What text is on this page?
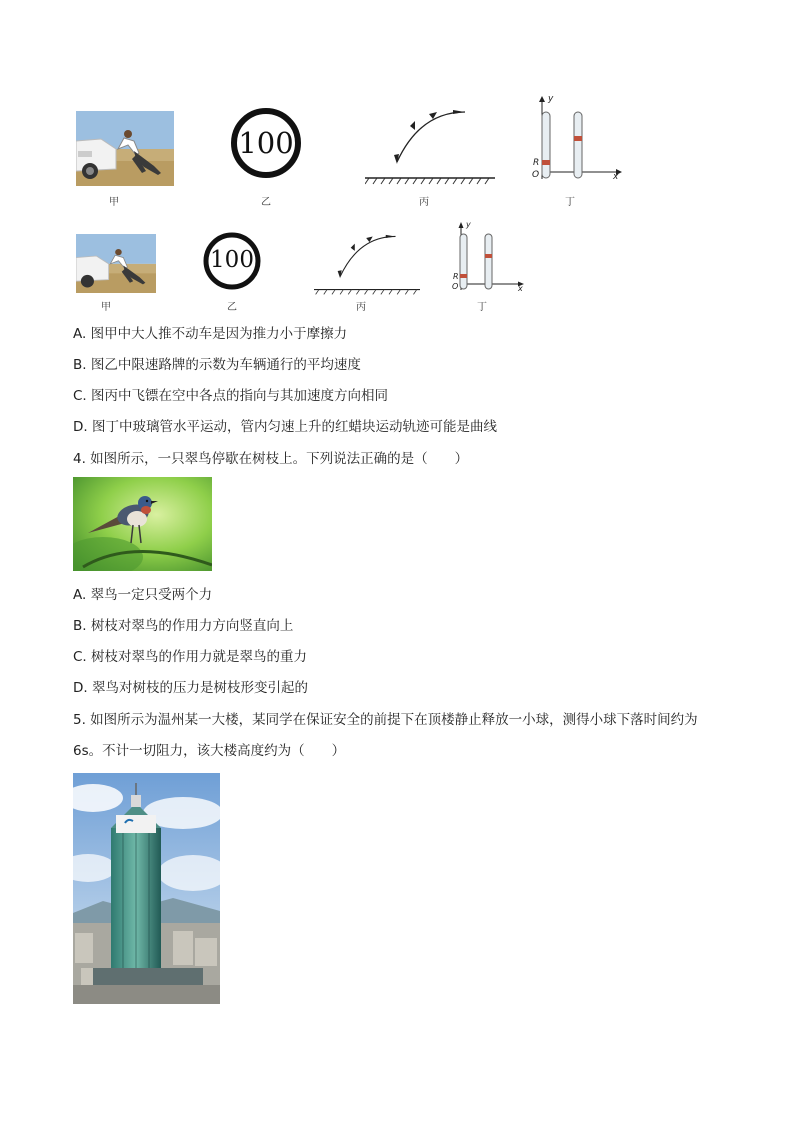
100
y
x
R
O
甲	乙	丙	丁
100
y
x
R
O
甲	乙	丙	丁
A. 图甲中大人推不动车是因为推力小于摩擦力
B. 图乙中限速路牌的示数为车辆通行的平均速度
C. 图丙中飞镖在空中各点的指向与其加速度方向相同
D. 图丁中玻璃管水平运动，管内匀速上升的红蜡块运动轨迹可能是曲线
4. 如图所示，一只翠鸟停歇在树枝上。下列说法正确的是（　　）
A. 翠鸟一定只受两个力
B. 树枝对翠鸟的作用力方向竖直向上
C. 树枝对翠鸟的作用力就是翠鸟的重力
D. 翠鸟对树枝的压力是树枝形变引起的
5. 如图所示为温州某一大楼，某同学在保证安全的前提下在顶楼静止释放一小球，测得小球下落时间约为
6s。不计一切阻力，该大楼高度约为（　　）
